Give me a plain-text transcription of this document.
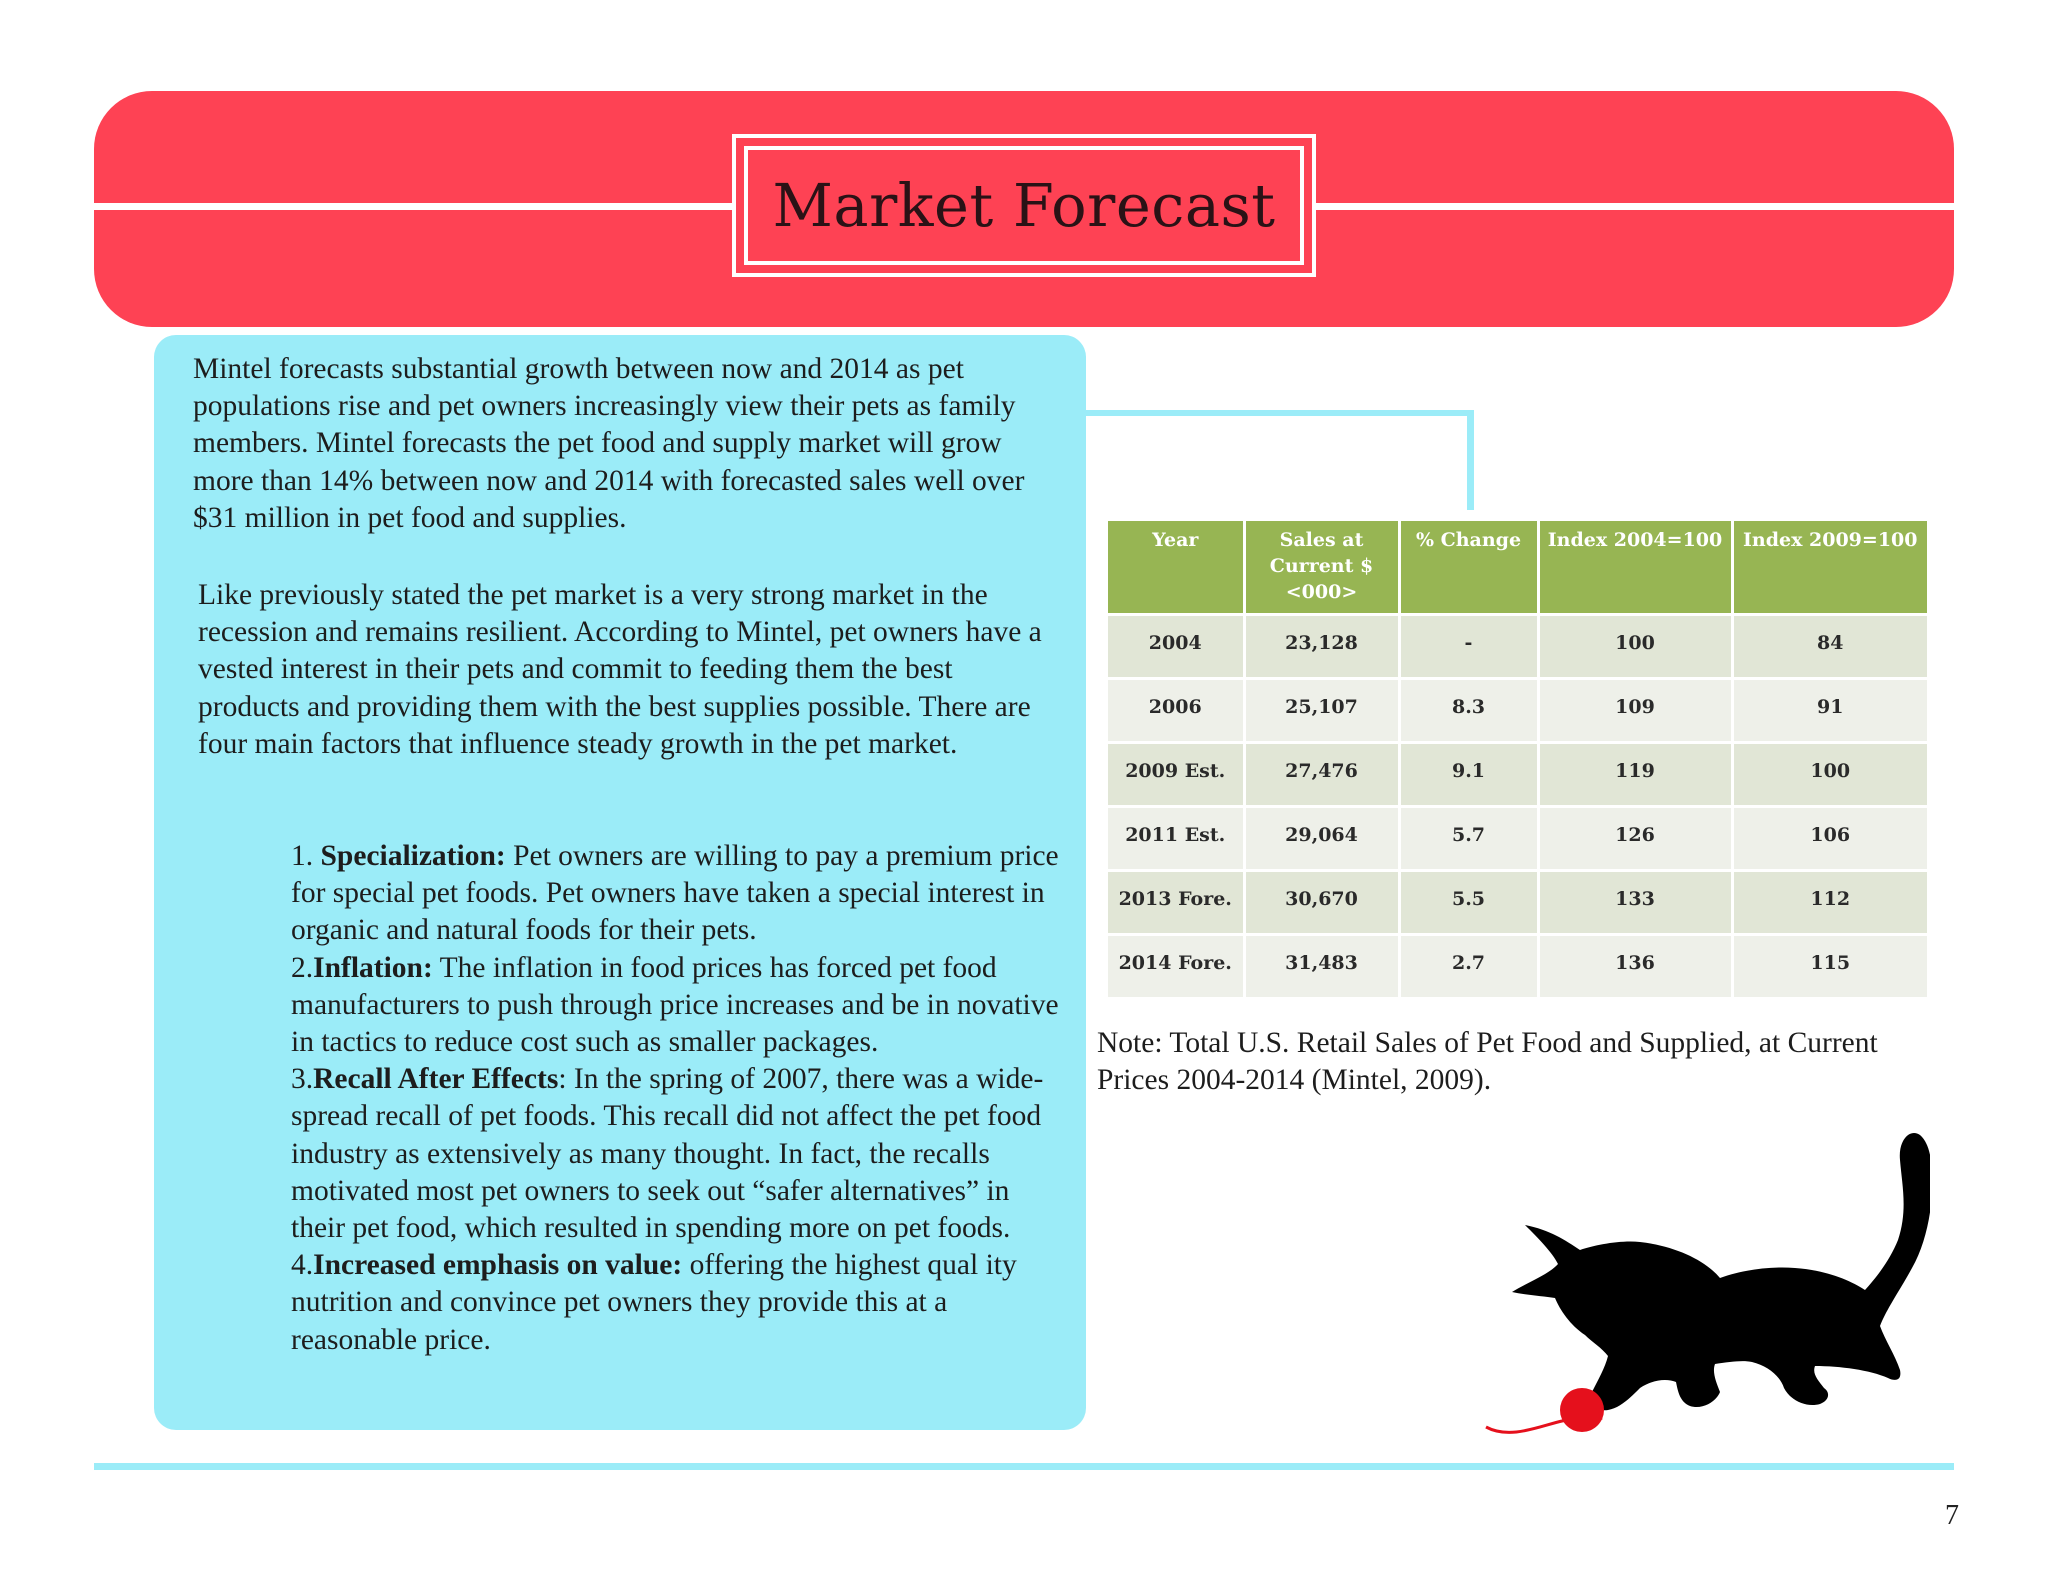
Market Forecast

Mintel forecasts substantial growth between now and 2014 as pet populations rise and pet owners increasingly view their pets as family members. Mintel forecasts the pet food and supply market will grow more than 14% between now and 2014 with forecasted sales well over $31 million in pet food and supplies.

Like previously stated the pet market is a very strong market in the recession and remains resilient. According to Mintel, pet owners have a vested interest in their pets and commit to feeding them the best products and providing them with the best supplies possible. There are four main factors that influence steady growth in the pet market.

1. Specialization: Pet owners are willing to pay a premium price for special pet foods. Pet owners have taken a special interest in organic and natural foods for their pets.
2.Inflation: The inflation in food prices has forced pet food manufacturers to push through price increases and be in novative in tactics to reduce cost such as smaller packages.
3.Recall After Effects: In the spring of 2007, there was a wide-spread recall of pet foods. This recall did not affect the pet food industry as extensively as many thought. In fact, the recalls motivated most pet owners to seek out “safer alternatives” in their pet food, which resulted in spending more on pet foods.
4.Increased emphasis on value: offering the highest qual ity nutrition and convince pet owners they provide this at a reasonable price.
Year	Sales at Current $ <000>	% Change	Index 2004=100	Index 2009=100
2004	23,128	-	100	84
2006	25,107	8.3	109	91
2009 Est.	27,476	9.1	119	100
2011 Est.	29,064	5.7	126	106
2013 Fore.	30,670	5.5	133	112
2014 Fore.	31,483	2.7	136	115
Note: Total U.S. Retail Sales of Pet Food and Supplied, at Current Prices 2004-2014 (Mintel, 2009).
7
